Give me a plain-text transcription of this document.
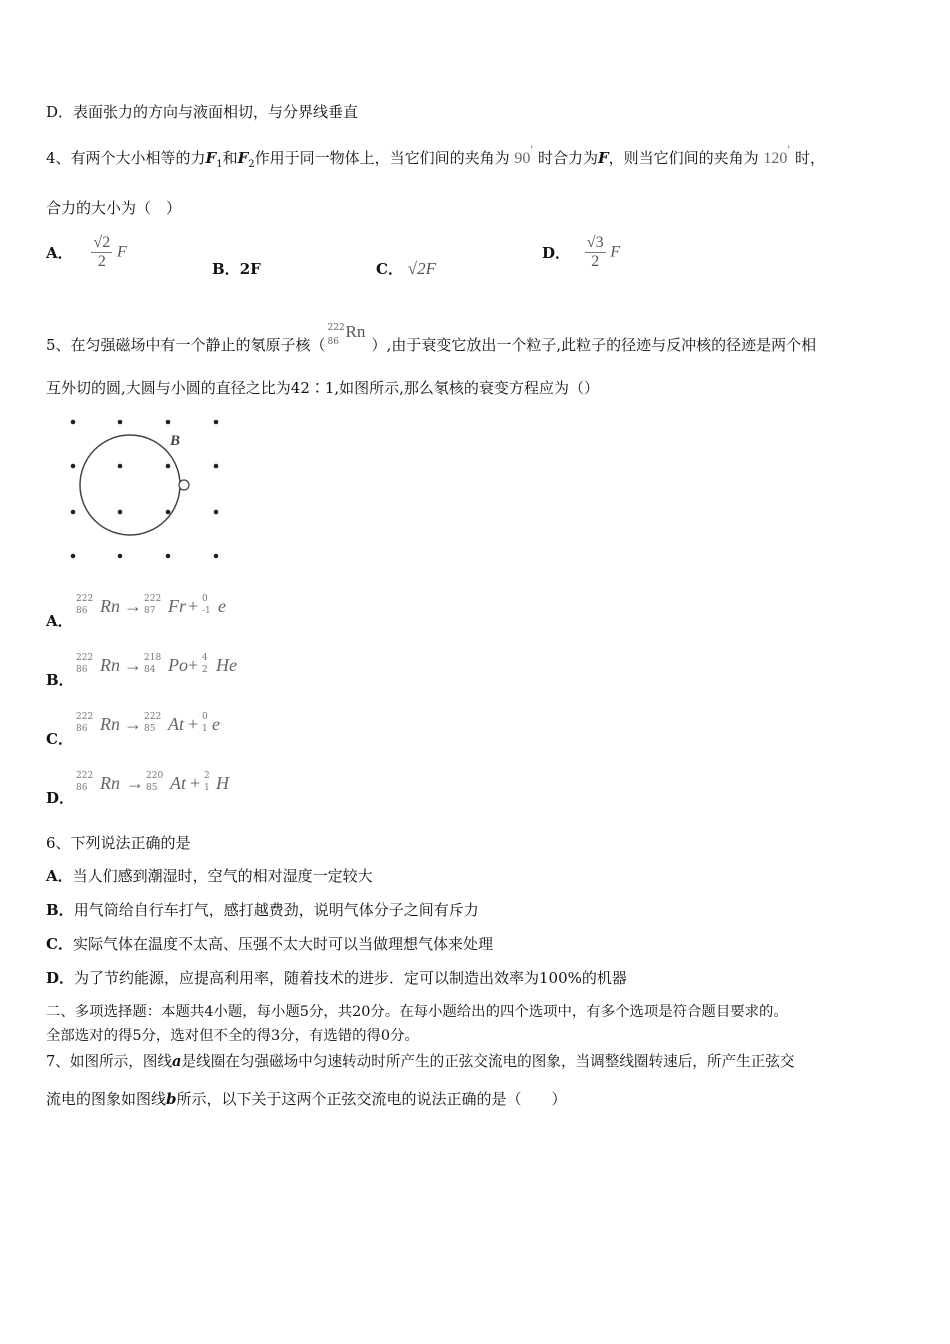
D．表面张力的方向与液面相切，与分界线垂直
4、有两个大小相等的力$F_1$和$F_2$作用于同一物体上，当它们间的夹角为 90' 时合力为F，则当它们间的夹角为 120' 时，
合力的大小为（　）
A． $\frac{√2}{2}$ F
B．2F	C． √2F
D． $\frac{√3}{2}$ F
5、在匀强磁场中有一个静止的氡原子核（
222
86
Rn
）,由于衰变它放出一个粒子,此粒子的径迹与反冲核的径迹是两个相
互外切的圆,大圆与小圆的直径之比为42∶1,如图所示,那么氡核的衰变方程应为（）
B
A．
222
86 Rn → 222
87 Fr + 0
-1 e
B．
222
86 Rn → 218
84 Po + 4
2 He
C．
222
86 Rn → 222
85 At + 0
1 e
D．
222
86 Rn → 220
85 At + 2
1 H
6、下列说法正确的是
A．当人们感到潮湿时，空气的相对湿度一定较大
B．用气筒给自行车打气，感打越费劲，说明气体分子之间有斥力
C．实际气体在温度不太高、压强不太大时可以当做理想气体来处理
D．为了节约能源，应提高利用率，随着技术的进步．定可以制造出效率为100%的机器
二、多项选择题：本题共4小题，每小题5分，共20分。在每小题给出的四个选项中，有多个选项是符合题目要求的。
全部选对的得5分，选对但不全的得3分，有选错的得0分。
7、如图所示，图线a是线圈在匀强磁场中匀速转动时所产生的正弦交流电的图象，当调整线圈转速后，所产生正弦交
流电的图象如图线b所示，以下关于这两个正弦交流电的说法正确的是（　　）
